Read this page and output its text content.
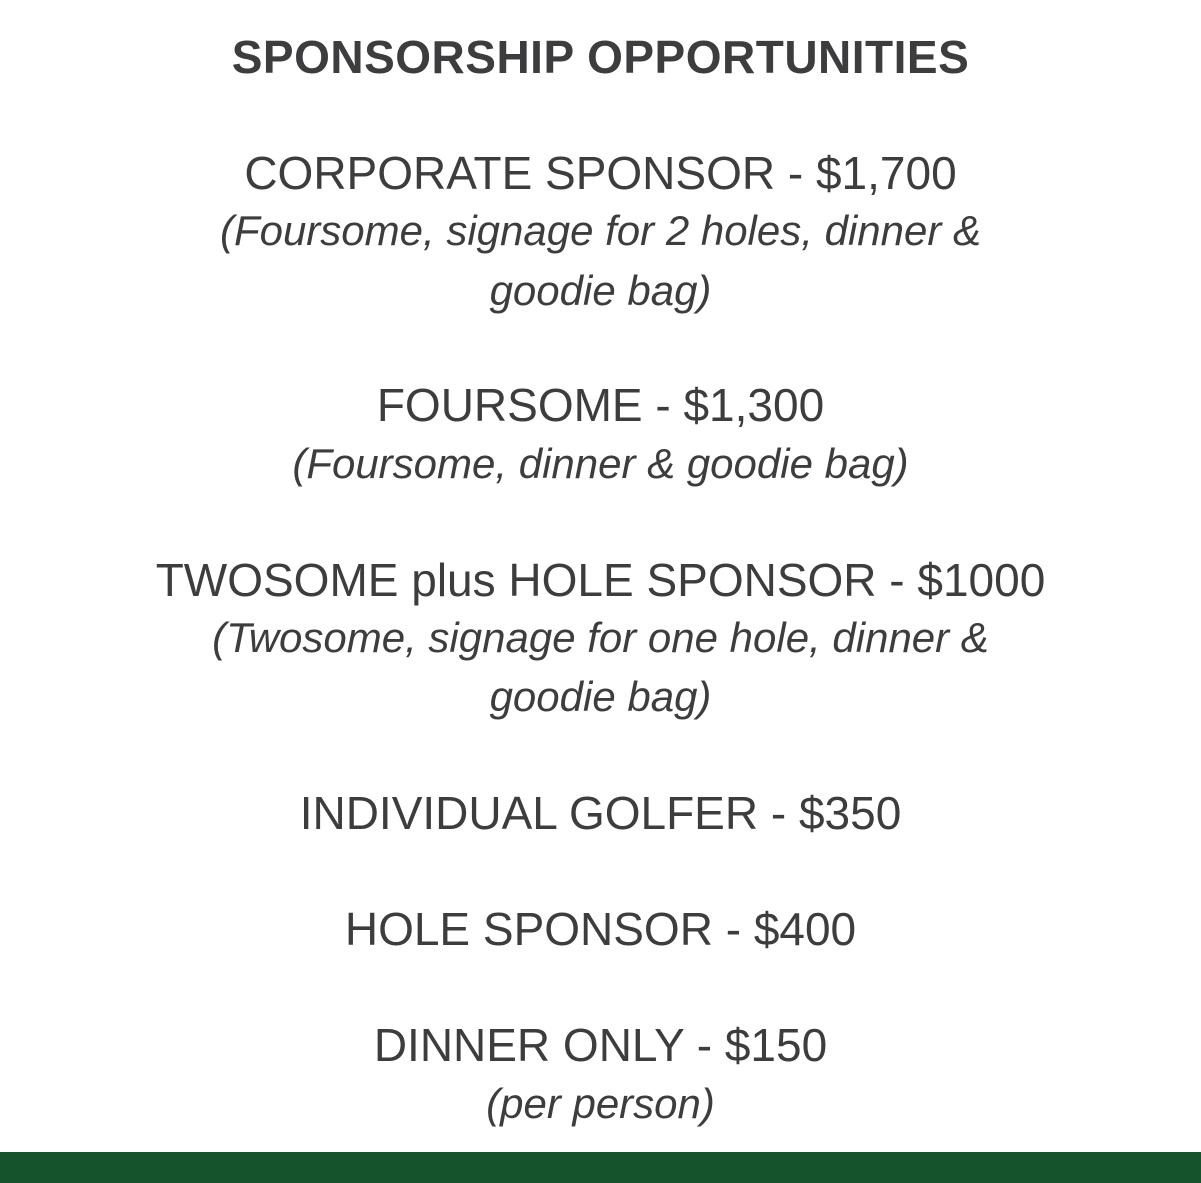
SPONSORSHIP OPPORTUNITIES

CORPORATE SPONSOR - $1,700

(Foursome, signage for 2 holes, dinner &

goodie bag)

FOURSOME - $1,300

(Foursome, dinner & goodie bag)

TWOSOME plus HOLE SPONSOR - $1000

(Twosome, signage for one hole, dinner &

goodie bag)

INDIVIDUAL GOLFER - $350

HOLE SPONSOR - $400

DINNER ONLY - $150

(per person)
